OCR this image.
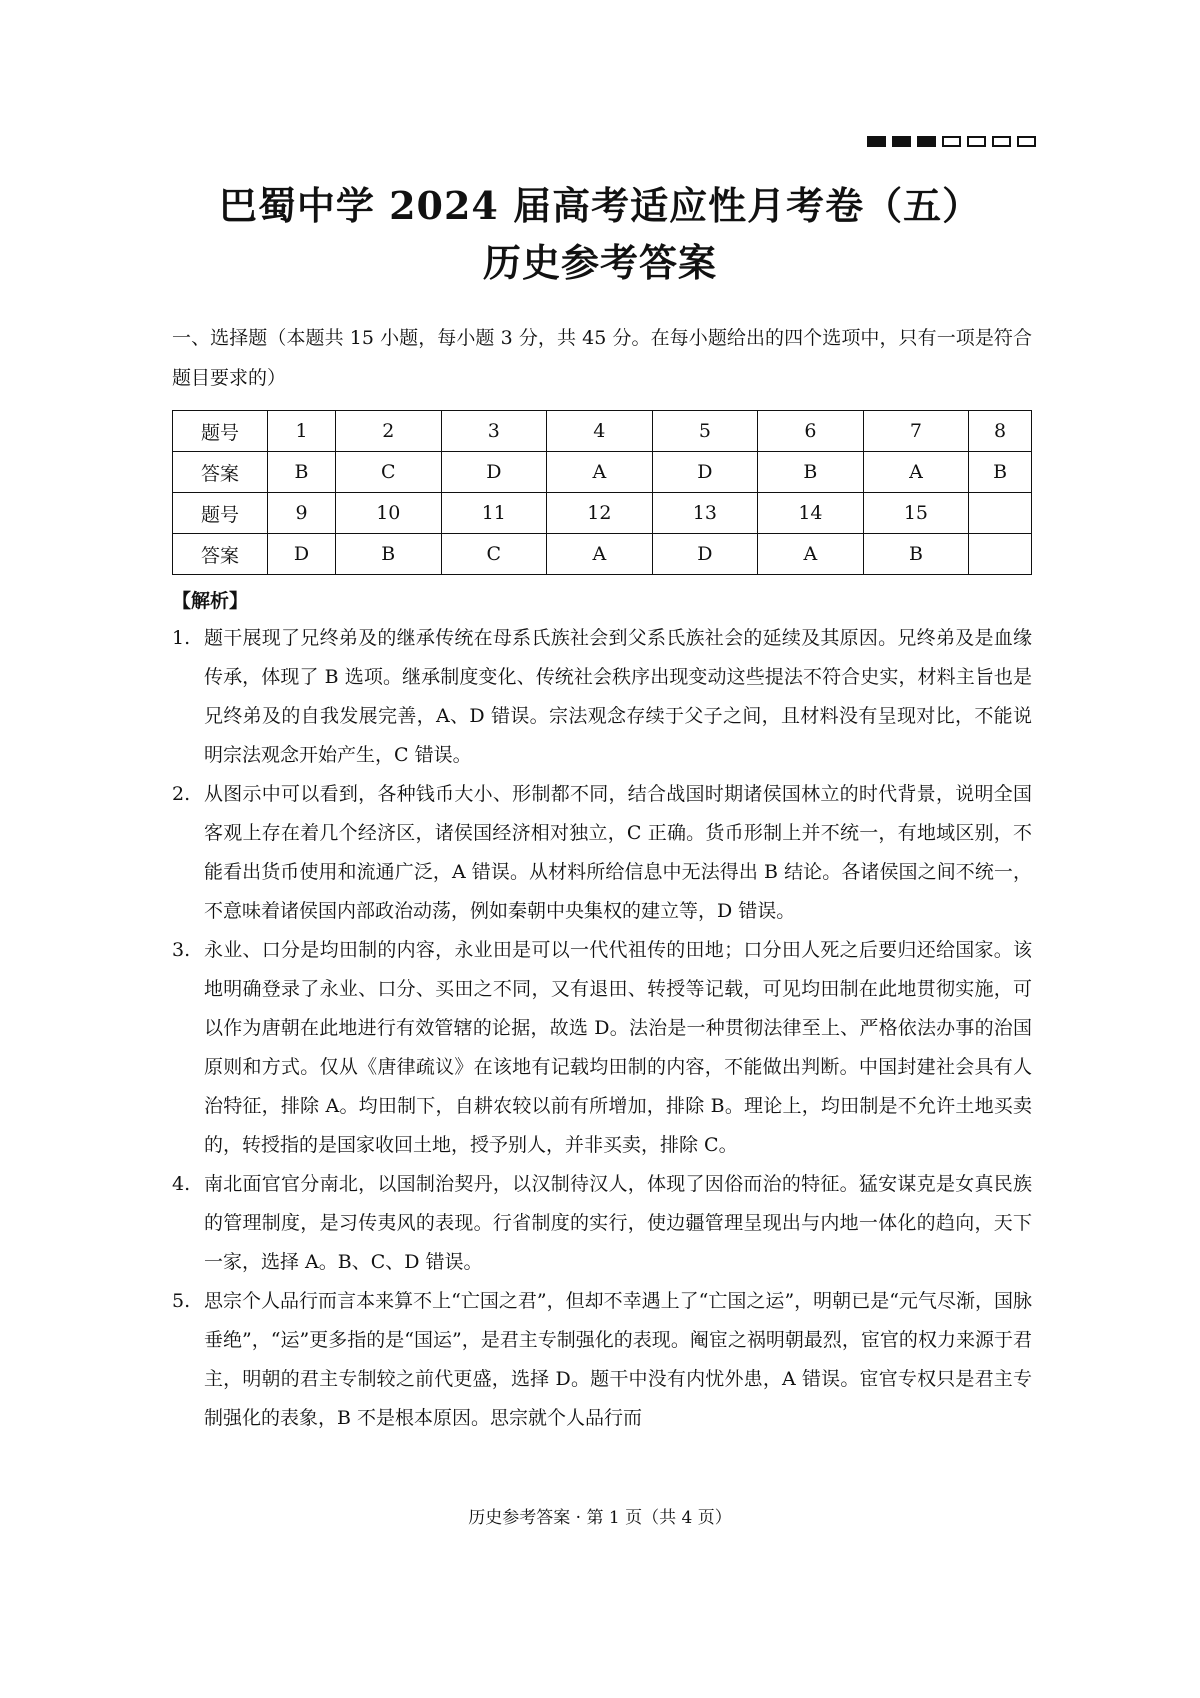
巴蜀中学 2024 届高考适应性月考卷（五）
历史参考答案

一、选择题（本题共 15 小题，每小题 3 分，共 45 分。在每小题给出的四个选项中，只有一项是符合题目要求的）

题号	1	2	3	4	5	6	7	8
答案	B	C	D	A	D	B	A	B
题号	9	10	11	12	13	14	15	
答案	D	B	C	A	D	A	B	
【解析】
1. 题干展现了兄终弟及的继承传统在母系氏族社会到父系氏族社会的延续及其原因。兄终弟及是血缘传承，体现了 B 选项。继承制度变化、传统社会秩序出现变动这些提法不符合史实，材料主旨也是兄终弟及的自我发展完善，A、D 错误。宗法观念存续于父子之间，且材料没有呈现对比，不能说明宗法观念开始产生，C 错误。
2. 从图示中可以看到，各种钱币大小、形制都不同，结合战国时期诸侯国林立的时代背景，说明全国客观上存在着几个经济区，诸侯国经济相对独立，C 正确。货币形制上并不统一，有地域区别，不能看出货币使用和流通广泛，A 错误。从材料所给信息中无法得出 B 结论。各诸侯国之间不统一，不意味着诸侯国内部政治动荡，例如秦朝中央集权的建立等，D 错误。
3. 永业、口分是均田制的内容，永业田是可以一代代祖传的田地；口分田人死之后要归还给国家。该地明确登录了永业、口分、买田之不同，又有退田、转授等记载，可见均田制在此地贯彻实施，可以作为唐朝在此地进行有效管辖的论据，故选 D。法治是一种贯彻法律至上、严格依法办事的治国原则和方式。仅从《唐律疏议》在该地有记载均田制的内容，不能做出判断。中国封建社会具有人治特征，排除 A。均田制下，自耕农较以前有所增加，排除 B。理论上，均田制是不允许土地买卖的，转授指的是国家收回土地，授予别人，并非买卖，排除 C。
4. 南北面官官分南北，以国制治契丹，以汉制待汉人，体现了因俗而治的特征。猛安谋克是女真民族的管理制度，是习传夷风的表现。行省制度的实行，使边疆管理呈现出与内地一体化的趋向，天下一家，选择 A。B、C、D 错误。
5. 思宗个人品行而言本来算不上“亡国之君”，但却不幸遇上了“亡国之运”，明朝已是“元气尽渐，国脉垂绝”，“运”更多指的是“国运”，是君主专制强化的表现。阉宦之祸明朝最烈，宦官的权力来源于君主，明朝的君主专制较之前代更盛，选择 D。题干中没有内忧外患，A 错误。宦官专权只是君主专制强化的表象，B 不是根本原因。思宗就个人品行而
历史参考答案 · 第 1 页（共 4 页）
